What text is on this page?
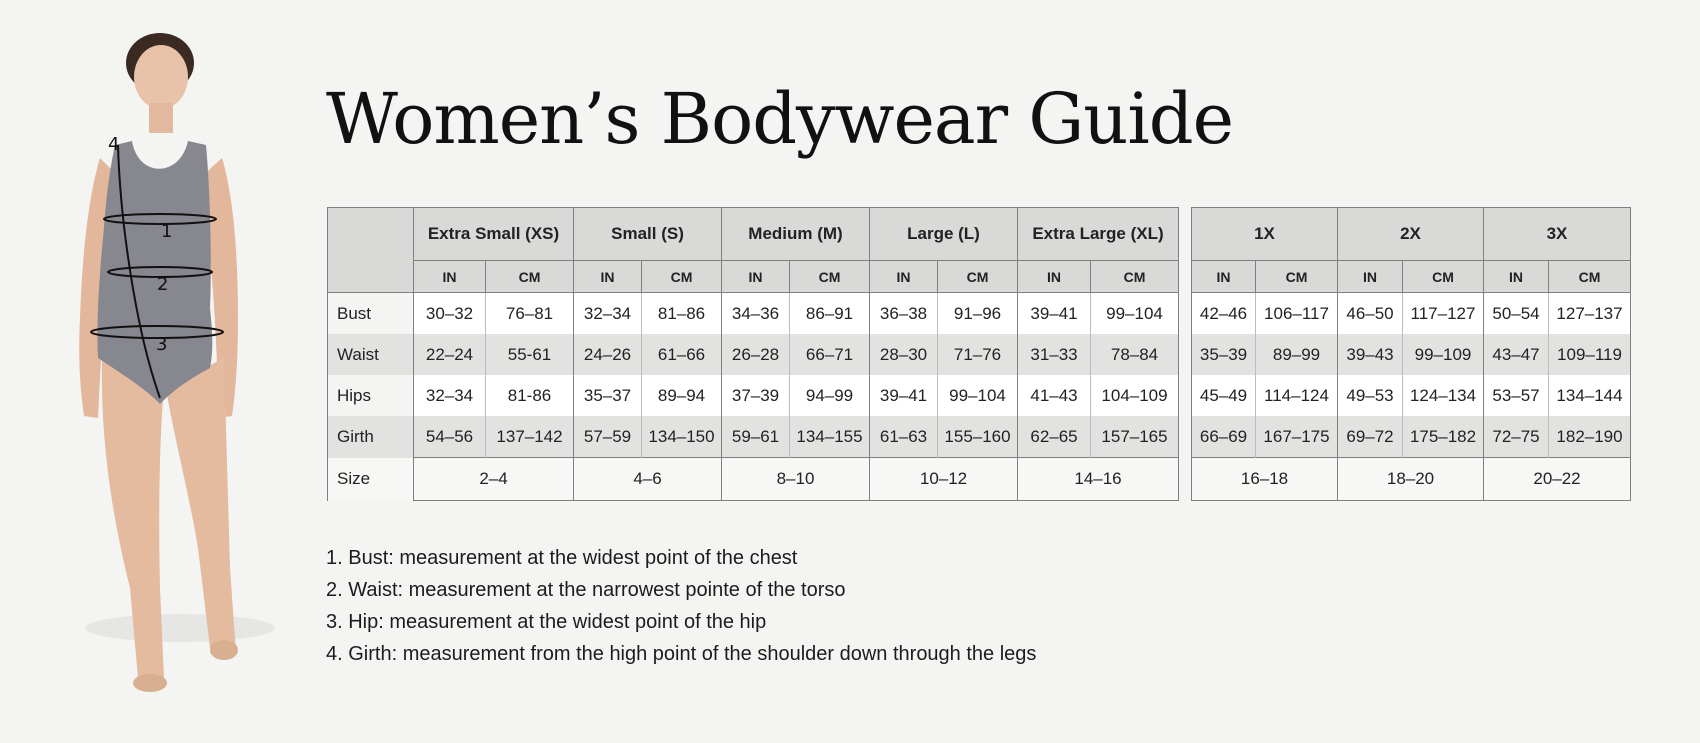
1
2
3
4	Women’s Bodywear Guide
	Extra Small (XS)		Small (S)		Medium (M)		Large (L)		Extra Large (XL)	
	IN	CM	IN	CM	IN	CM	IN	CM	IN	CM
Bust	30–32	76–81	32–34	81–86	34–36	86–91	36–38	91–96	39–41	99–104
Waist	22–24	55-61	24–26	61–66	26–28	66–71	28–30	71–76	31–33	78–84
Hips	32–34	81-86	35–37	89–94	37–39	94–99	39–41	99–104	41–43	104–109
Girth	54–56	137–142	57–59	134–150	59–61	134–155	61–63	155–160	62–65	157–165
Size	2–4		4–6		8–10		10–12		14–16	
1X		2X		3X	
IN	CM	IN	CM	IN	CM
42–46	106–117	46–50	117–127	50–54	127–137
35–39	89–99	39–43	99–109	43–47	109–119
45–49	114–124	49–53	124–134	53–57	134–144
66–69	167–175	69–72	175–182	72–75	182–190
16–18		18–20		20–22	
1. Bust: measurement at the widest point of the chest
2. Waist: measurement at the narrowest pointe of the torso
3. Hip: measurement at the widest point of the hip
4. Girth: measurement from the high point of the shoulder down through the legs
